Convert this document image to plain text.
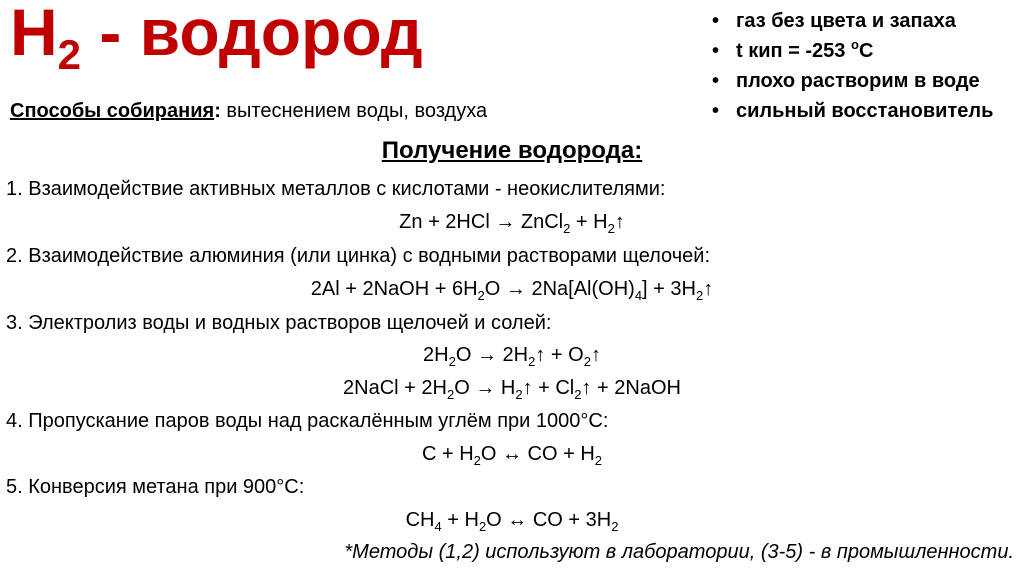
$H_2$ - водород
Способы собирания: вытеснением воды, воздуха
• газ без цвета и запаха
• t кип = -253 $^о$С
• плохо растворим в воде
• сильный восстановитель
Получение водорода:
1. Взаимодействие активных металлов с кислотами - неокислителями:
Zn + 2HCl → ZnCl$_2$ + $H_2↑$
2. Взаимодействие алюминия (или цинка) с водными растворами щелочей:
2Al + 2NaOH + $6H_2O \to 2Na[Al(OH)_4]$ + $3H_2↑$
3. Электролиз воды и водных растворов щелочей и солей:
$2H_2O$ → $2H_2↑$ + $O_2↑$
2NaCl + $2H_2O$ → $H_2↑$ + $Cl_2↑$ + 2NaOH
4. Пропускание паров воды над раскалённым углём при 1000°С:
$C + H_2O$ ↔ CO + $H_2$
5. Конверсия метана при 900°С:
$CH_4 + H_2O$ ↔ CO + $3H_2$
*Методы (1,2) используют в лаборатории, (3-5) - в промышленности.
